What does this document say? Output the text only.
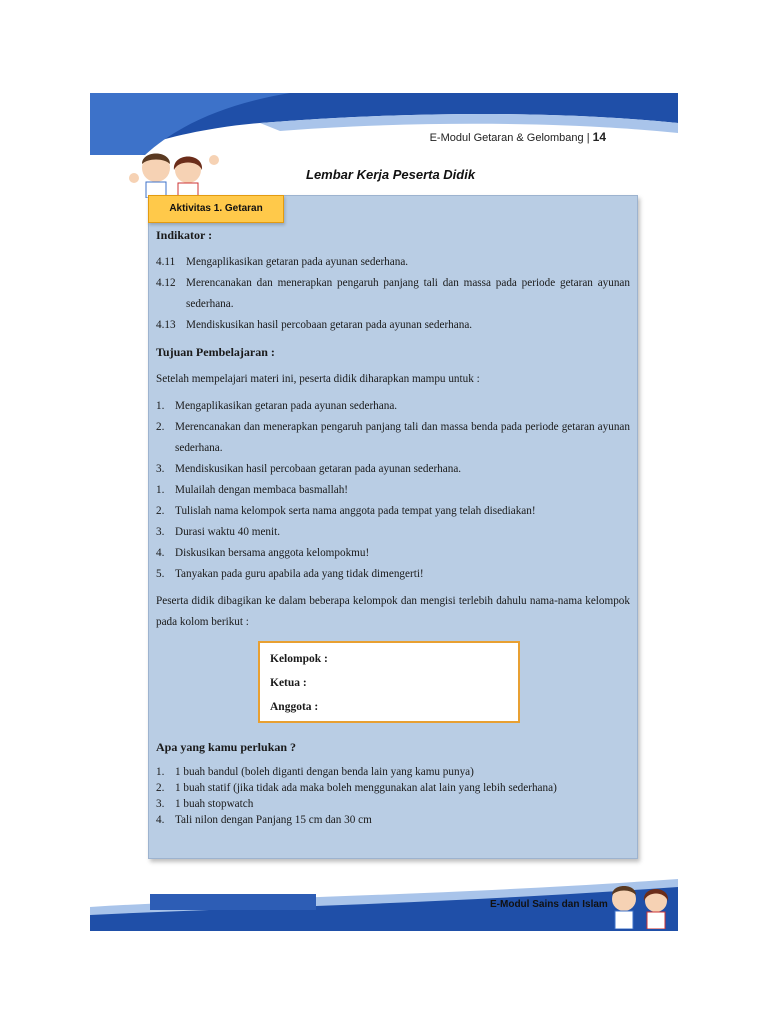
E-Modul Getaran & Gelombang | 14
Lembar Kerja Peserta Didik
Aktivitas 1. Getaran
Indikator :
4.11 Mengaplikasikan getaran pada ayunan sederhana.
4.12 Merencanakan dan menerapkan pengaruh panjang tali dan massa pada periode getaran ayunan sederhana.
4.13 Mendiskusikan hasil percobaan getaran pada ayunan sederhana.
Tujuan Pembelajaran :
Setelah mempelajari materi ini, peserta didik diharapkan mampu untuk :
1. Mengaplikasikan getaran pada ayunan sederhana.
2. Merencanakan dan menerapkan pengaruh panjang tali dan massa benda pada periode getaran ayunan sederhana.
3. Mendiskusikan hasil percobaan getaran pada ayunan sederhana.
1. Mulailah dengan membaca basmallah!
2. Tulislah nama kelompok serta nama anggota pada tempat yang telah disediakan!
3. Durasi waktu 40 menit.
4. Diskusikan bersama anggota kelompokmu!
5. Tanyakan pada guru apabila ada yang tidak dimengerti!
Peserta didik dibagikan ke dalam beberapa kelompok dan mengisi terlebih dahulu nama-nama kelompok pada kolom berikut :
Kelompok :
Ketua :
Anggota :
Apa yang kamu perlukan ?
1. 1 buah bandul (boleh diganti dengan benda lain yang kamu punya)
2. 1 buah statif (jika tidak ada maka boleh menggunakan alat lain yang lebih sederhana)
3. 1 buah stopwatch
4. Tali nilon dengan Panjang 15 cm dan 30 cm
E-Modul Sains dan Islam
